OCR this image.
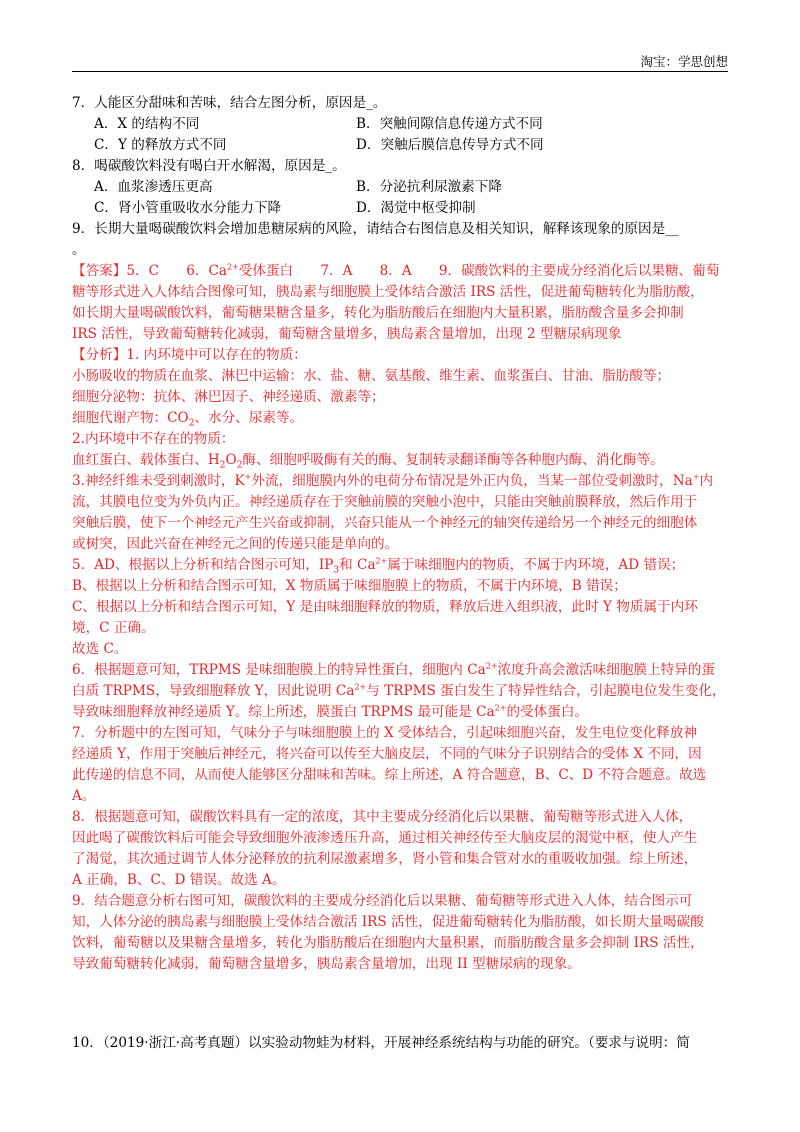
淘宝：学思创想

7．人能区分甜味和苦味，结合左图分析，原因是_。

A．X 的结构不同	B．突触间隙信息传递方式不同
C．Y 的释放方式不同	D．突触后膜信息传导方式不同

8．喝碳酸饮料没有喝白开水解渴，原因是_。

A．血浆渗透压更高	B．分泌抗利尿激素下降
C．肾小管重吸收水分能力下降	D．渴觉中枢受抑制

9．长期大量喝碳酸饮料会增加患糖尿病的风险，请结合右图信息及相关知识，解释该现象的原因是__

。

【答案】5．C　　6．$Ca^{2+}$受体蛋白　　7．A　　8．A　　9．碳酸饮料的主要成分经消化后以果糖、葡萄

糖等形式进入人体结合图像可知，胰岛素与细胞膜上受体结合激活 IRS 活性，促进葡萄糖转化为脂肪酸，

如长期大量喝碳酸饮料，葡萄糖果糖含量多，转化为脂肪酸后在细胞内大量积累，脂肪酸含量多会抑制

IRS 活性，导致葡萄糖转化减弱，葡萄糖含量增多，胰岛素含量增加，出现 2 型糖尿病现象

【分析】1. 内环境中可以存在的物质：

小肠吸收的物质在血浆、淋巴中运输：水、盐、糖、氨基酸、维生素、血浆蛋白、甘油、脂肪酸等；

细胞分泌物：抗体、淋巴因子、神经递质、激素等；

细胞代谢产物：$CO_2$、水分、尿素等。

2.内环境中不存在的物质：

血红蛋白、载体蛋白、$H_2O_2$酶、细胞呼吸酶有关的酶、复制转录翻译酶等各种胞内酶、消化酶等。

3.神经纤维未受到刺激时，K+外流，细胞膜内外的电荷分布情况是外正内负，当某一部位受刺激时，Na+内

流，其膜电位变为外负内正。神经递质存在于突触前膜的突触小泡中，只能由突触前膜释放，然后作用于

突触后膜，使下一个神经元产生兴奋或抑制，兴奋只能从一个神经元的轴突传递给另一个神经元的细胞体

或树突，因此兴奋在神经元之间的传递只能是单向的。

5．AD、根据以上分析和结合图示可知，$IP_3$和 $Ca^{2+}$属于味细胞内的物质，不属于内环境，AD 错误；

B、根据以上分析和结合图示可知，X 物质属于味细胞膜上的物质，不属于内环境，B 错误；

C、根据以上分析和结合图示可知，Y 是由味细胞释放的物质，释放后进入组织液，此时 Y 物质属于内环

境，C 正确。

故选 C。

6．根据题意可知，TRPMS 是味细胞膜上的特异性蛋白，细胞内 $Ca^{2+}$浓度升高会激活味细胞膜上特异的蛋

白质 TRPMS，导致细胞释放 Y，因此说明 $Ca^{2+}$与 TRPMS 蛋白发生了特异性结合，引起膜电位发生变化，

导致味细胞释放神经递质 Y。综上所述，膜蛋白 TRPMS 最可能是 $Ca^{2+}$的受体蛋白。

7．分析题中的左图可知，气味分子与味细胞膜上的 X 受体结合，引起味细胞兴奋，发生电位变化释放神

经递质 Y，作用于突触后神经元，将兴奋可以传至大脑皮层，不同的气味分子识别结合的受体 X 不同，因

此传递的信息不同，从而使人能够区分甜味和苦味。综上所述，A 符合题意，B、C、D 不符合题意。故选

A。

8．根据题意可知，碳酸饮料具有一定的浓度，其中主要成分经消化后以果糖、葡萄糖等形式进入人体，

因此喝了碳酸饮料后可能会导致细胞外液渗透压升高，通过相关神经传至大脑皮层的渴觉中枢，使人产生

了渴觉，其次通过调节人体分泌释放的抗利尿激素增多，肾小管和集合管对水的重吸收加强。综上所述，

A 正确，B、C、D 错误。故选 A。

9．结合题意分析右图可知，碳酸饮料的主要成分经消化后以果糖、葡萄糖等形式进入人体，结合图示可

知，人体分泌的胰岛素与细胞膜上受体结合激活 IRS 活性，促进葡萄糖转化为脂肪酸，如长期大量喝碳酸

饮料，葡萄糖以及果糖含量增多，转化为脂肪酸后在细胞内大量积累，而脂肪酸含量多会抑制 IRS 活性，

导致葡萄糖转化减弱，葡萄糖含量增多，胰岛素含量增加，出现 II 型糖尿病的现象。

10．（2019·浙江·高考真题）以实验动物蛙为材料，开展神经系统结构与功能的研究。（要求与说明：简
